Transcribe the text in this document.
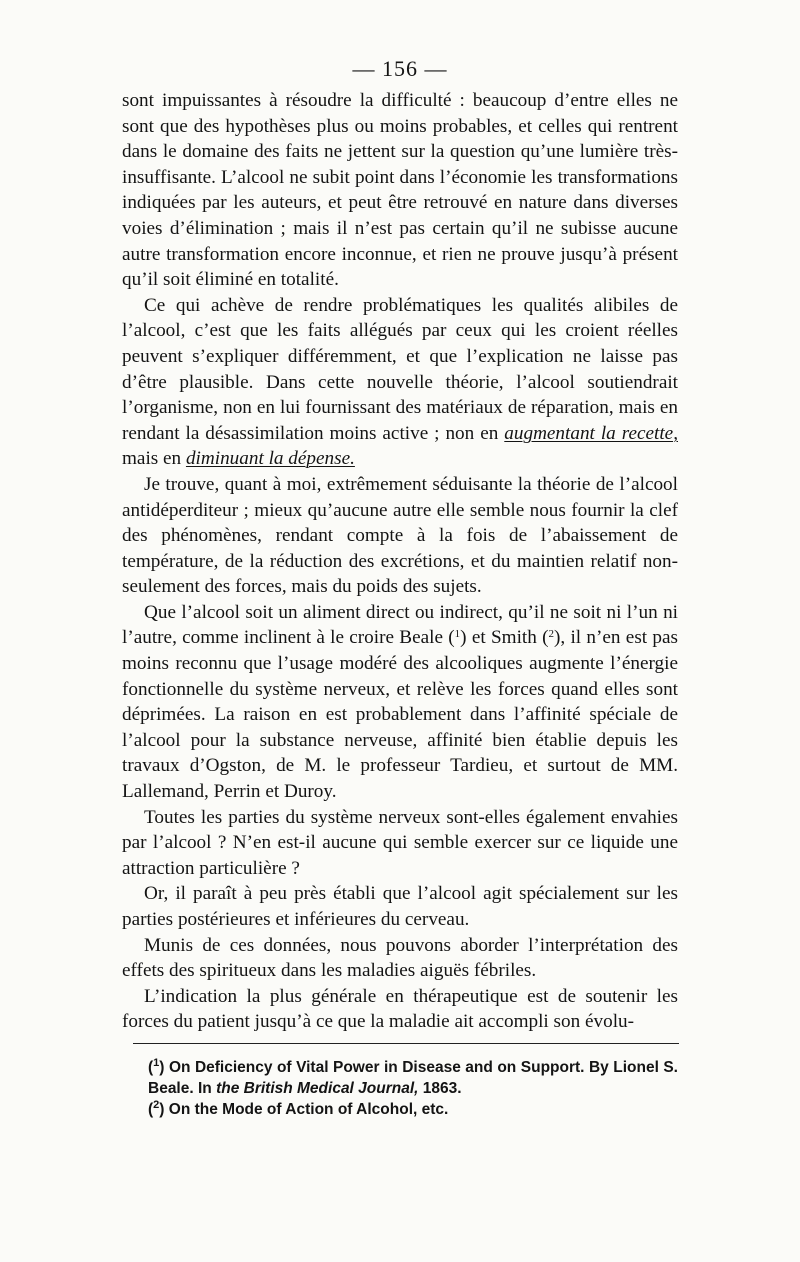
— 156 —

sont impuissantes à résoudre la difficulté : beaucoup d’entre elles ne sont que des hypothèses plus ou moins probables, et celles qui rentrent dans le domaine des faits ne jettent sur la question qu’une lumière très-insuffisante. L’alcool ne subit point dans l’économie les transformations indiquées par les auteurs, et peut être retrouvé en nature dans diverses voies d’élimination ; mais il n’est pas certain qu’il ne subisse aucune autre transformation encore inconnue, et rien ne prouve jusqu’à présent qu’il soit éliminé en totalité.

Ce qui achève de rendre problématiques les qualités alibiles de l’alcool, c’est que les faits allégués par ceux qui les croient réelles peuvent s’expliquer différemment, et que l’explication ne laisse pas d’être plausible. Dans cette nouvelle théorie, l’alcool soutiendrait l’organisme, non en lui fournissant des matériaux de réparation, mais en rendant la désassimilation moins active ; non en augmentant la recette, mais en diminuant la dépense.

Je trouve, quant à moi, extrêmement séduisante la théorie de l’alcool antidéperditeur ; mieux qu’aucune autre elle semble nous fournir la clef des phénomènes, rendant compte à la fois de l’abaissement de température, de la réduction des excrétions, et du maintien relatif non-seulement des forces, mais du poids des sujets.

Que l’alcool soit un aliment direct ou indirect, qu’il ne soit ni l’un ni l’autre, comme inclinent à le croire Beale ($^1$) et Smith ($^2$), il n’en est pas moins reconnu que l’usage modéré des alcooliques augmente l’énergie fonctionnelle du système nerveux, et relève les forces quand elles sont déprimées. La raison en est probablement dans l’affinité spéciale de l’alcool pour la substance nerveuse, affinité bien établie depuis les travaux d’Ogston, de M. le professeur Tardieu, et surtout de MM. Lallemand, Perrin et Duroy.

Toutes les parties du système nerveux sont-elles également envahies par l’alcool ? N’en est-il aucune qui semble exercer sur ce liquide une attraction particulière ?

Or, il paraît à peu près établi que l’alcool agit spécialement sur les parties postérieures et inférieures du cerveau.

Munis de ces données, nous pouvons aborder l’interprétation des effets des spiritueux dans les maladies aiguës fébriles.

L’indication la plus générale en thérapeutique est de soutenir les forces du patient jusqu’à ce que la maladie ait accompli son évolu-

($^1$) On Deficiency of Vital Power in Disease and on Support. By Lionel S. Beale. In the British Medical Journal, 1863.

($^2$) On the Mode of Action of Alcohol, etc.
